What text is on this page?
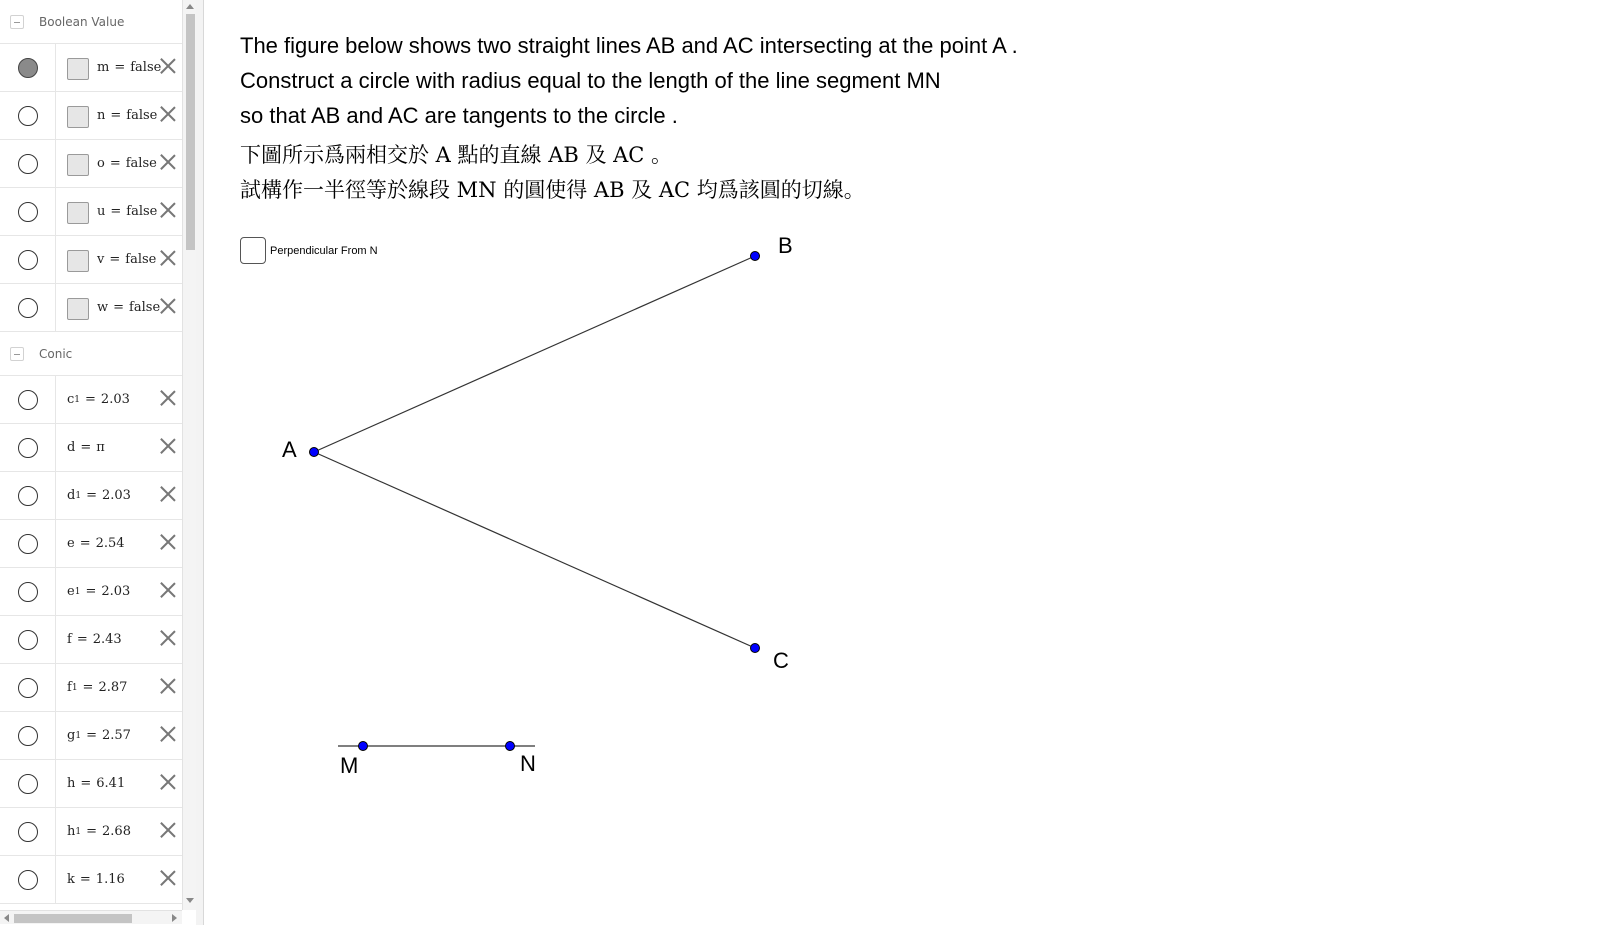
Boolean Value
m = false
n = false
o = false
u = false
v = false
w = false
Conic
c 1 = 2.03
d = π
d 1 = 2.03
e = 2.54
e 1 = 2.03
f = 2.43
f 1 = 2.87
g 1 = 2.57
h = 6.41
h 1 = 2.68
k = 1.16
The figure below shows two straight lines AB and AC intersecting at the point A .
Construct a circle with radius equal to the length of the line segment MN
so that AB and AC are tangents to the circle .
下圖所示爲兩相交於 A 點的直線 AB 及 AC 。
試構作一半徑等於線段 MN 的圓使得 AB 及 AC 均爲該圓的切線。
Perpendicular From N
A
B
C
M	N
